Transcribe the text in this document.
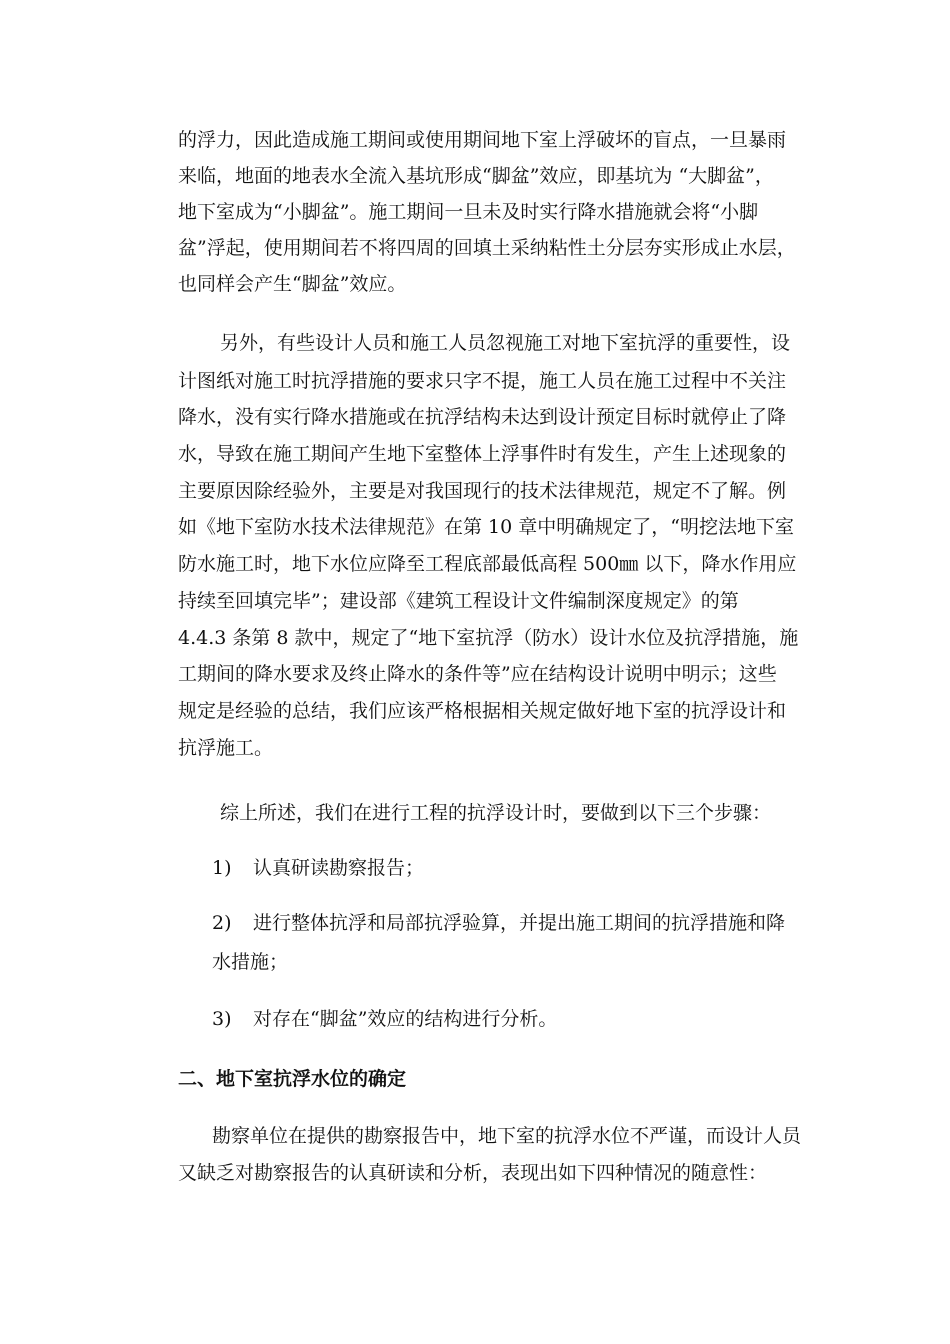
的浮力，因此造成施工期间或使用期间地下室上浮破坏的盲点，一旦暴雨
来临，地面的地表水全流入基坑形成“脚盆”效应，即基坑为 “大脚盆”，
地下室成为“小脚盆”。施工期间一旦未及时实行降水措施就会将“小脚
盆”浮起，使用期间若不将四周的回填土采纳粘性土分层夯实形成止水层，
也同样会产生“脚盆”效应。
另外，有些设计人员和施工人员忽视施工对地下室抗浮的重要性，设
计图纸对施工时抗浮措施的要求只字不提，施工人员在施工过程中不关注
降水，没有实行降水措施或在抗浮结构未达到设计预定目标时就停止了降
水，导致在施工期间产生地下室整体上浮事件时有发生，产生上述现象的
主要原因除经验外，主要是对我国现行的技术法律规范，规定不了解。例
如《地下室防水技术法律规范》在第 10 章中明确规定了，“明挖法地下室
防水施工时，地下水位应降至工程底部最低高程 500㎜ 以下，降水作用应
持续至回填完毕”；建设部《建筑工程设计文件编制深度规定》的第
4.4.3 条第 8 款中，规定了“地下室抗浮（防水）设计水位及抗浮措施，施
工期间的降水要求及终止降水的条件等”应在结构设计说明中明示；这些
规定是经验的总结，我们应该严格根据相关规定做好地下室的抗浮设计和
抗浮施工。
综上所述，我们在进行工程的抗浮设计时，要做到以下三个步骤：
1) 认真研读勘察报告；
2) 进行整体抗浮和局部抗浮验算，并提出施工期间的抗浮措施和降
水措施；
3) 对存在“脚盆”效应的结构进行分析。
二、地下室抗浮水位的确定
勘察单位在提供的勘察报告中，地下室的抗浮水位不严谨，而设计人员
又缺乏对勘察报告的认真研读和分析，表现出如下四种情况的随意性：
